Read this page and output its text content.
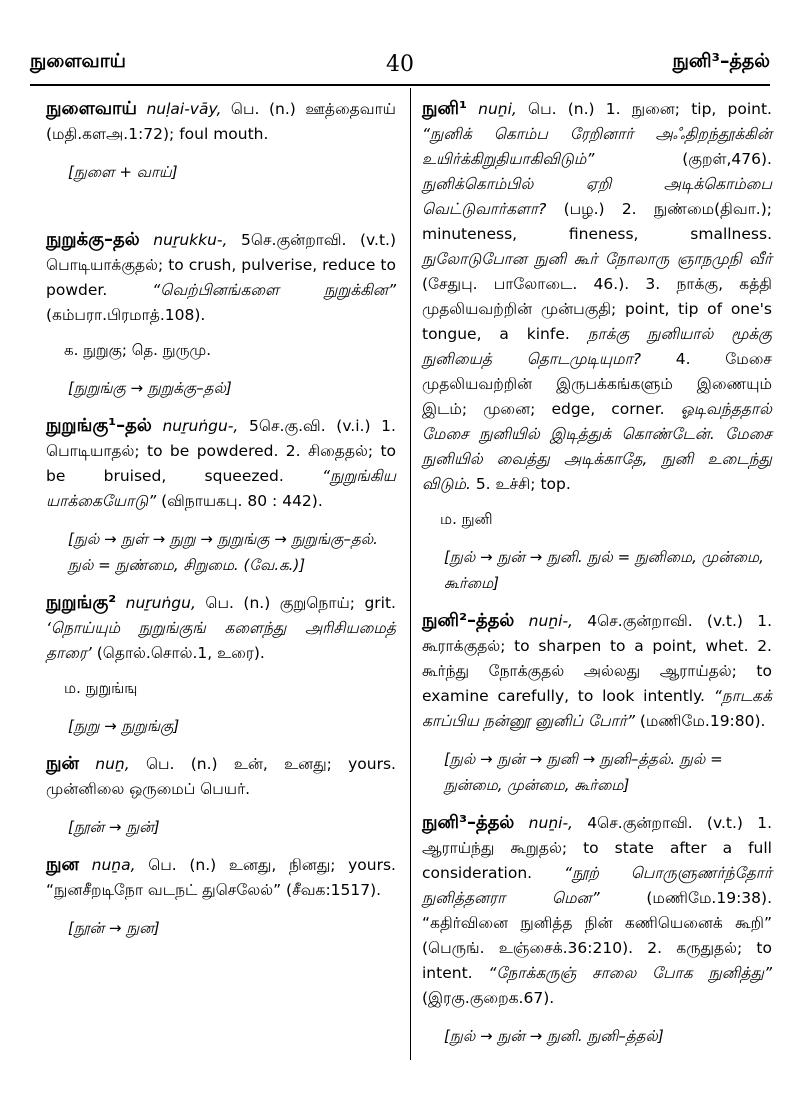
நுளைவாய்	40	நுனி³–த்தல்

நுளைவாய் nuḷai-vāy, பெ. (n.) ஊத்தைவாய் (மதி.களஅ.1:72); foul mouth.

[நுளை + வாய்]

நுறுக்கு–தல் nuṟukku-, 5செ.குன்றாவி. (v.t.) பொடியாக்குதல்; to crush, pulverise, reduce to powder.	“வெற்பினங்களை நுறுக்கின” (கம்பரா.பிரமாத்.108).

க. நுறுகு; தெ. நுருமு.
[நுறுங்கு → நுறுக்கு–தல்]

நுறுங்கு¹–தல் nuṟuṅgu-, 5செ.கு.வி. (v.i.) 1. பொடியாதல்; to be powdered. 2. சிதைதல்; to be bruised, squeezed. “நுறுங்கிய யாக்கையோடு” (விநாயகபு. 80 : 442).

[நுல் → நுள் → நுறு → நுறுங்கு → நுறுங்கு–தல். நுல் = நுண்மை, சிறுமை. (வே.க.)]

நுறுங்கு² nuṟuṅgu, பெ. (n.) குறுநொய்; grit. ‘நொய்யும் நுறுங்குங் களைந்து அரிசியமைத் தாரை’ (தொல்.சொல்.1, உரை).

ம. நுறுங்ஙு
[நுறு → நுறுங்கு]

நுன் nuṉ, பெ. (n.) உன், உனது; yours. முன்னிலை ஒருமைப் பெயர்.

[நூன் → நுன்]

நுன nuṉa, பெ. (n.) உனது, நினது; yours. “நுனசீறடிநோ வடநட் துசெலேல்” (சீவக:1517).

[நூன் → நுன]

நுனி¹ nuṉi, பெ. (n.) 1. நுனை; tip, point. “நுனிக் கொம்ப ரேறினார் அஃதிறந்தூக்கின் உயிர்க்கிறுதியாகிவிடும்”	(குறள்,476). நுனிக்கொம்பில் ஏறி அடிக்கொம்பை வெட்டுவார்களா? (பழ.) 2. நுண்மை(திவா.); minuteness, fineness, smallness. நுலோடுபோன நுனி கூர் நோலாரு ஞாநமுநி வீர் (சேதுபு. பாலோடை. 46.). 3. நாக்கு, கத்தி முதலியவற்றின் முன்பகுதி; point, tip of one's tongue, a kinfe. நாக்கு நுனியால் மூக்கு நுனியைத் தொடமுடியுமா? 4. மேசை முதலியவற்றின் இருபக்கங்களும் இணையும் இடம்; முனை; edge, corner. ஓடிவந்ததால் மேசை நுனியில் இடித்துக் கொண்டேன். மேசை நுனியில் வைத்து அடிக்காதே, நுனி உடைந்து விடும். 5. உச்சி; top.

ம. நுனி
[நுல் → நுன் → நுனி. நுல் = நுனிமை, முன்மை, கூர்மை]

நுனி²–த்தல் nuṉi-, 4செ.குன்றாவி. (v.t.) 1. கூராக்குதல்; to sharpen to a point, whet. 2. கூர்ந்து நோக்குதல் அல்லது ஆராய்தல்; to examine carefully, to look intently. “நாடகக் காப்பிய நன்னூ னுனிப் போர்” (மணிமே.19:80).

[நுல் → நுன் → நுனி → நுனி–த்தல். நுல் = நுன்மை, முன்மை, கூர்மை]

நுனி³–த்தல் nuṉi-, 4செ.குன்றாவி. (v.t.) 1. ஆராய்ந்து கூறுதல்; to state after a full consideration. “நூற் பொருளுணர்ந்தோர் நுனித்தனரா மென”	(மணிமே.19:38). “கதிர்வினை நுனித்த நின் கணியெனைக் கூறி” (பெருங். உஞ்சைக்.36:210). 2. கருதுதல்; to intent. “நோக்கருஞ் சாலை போக நுனித்து” (இரகு.குறைக.67).

[நுல் → நுன் → நுனி. நுனி–த்தல்]
